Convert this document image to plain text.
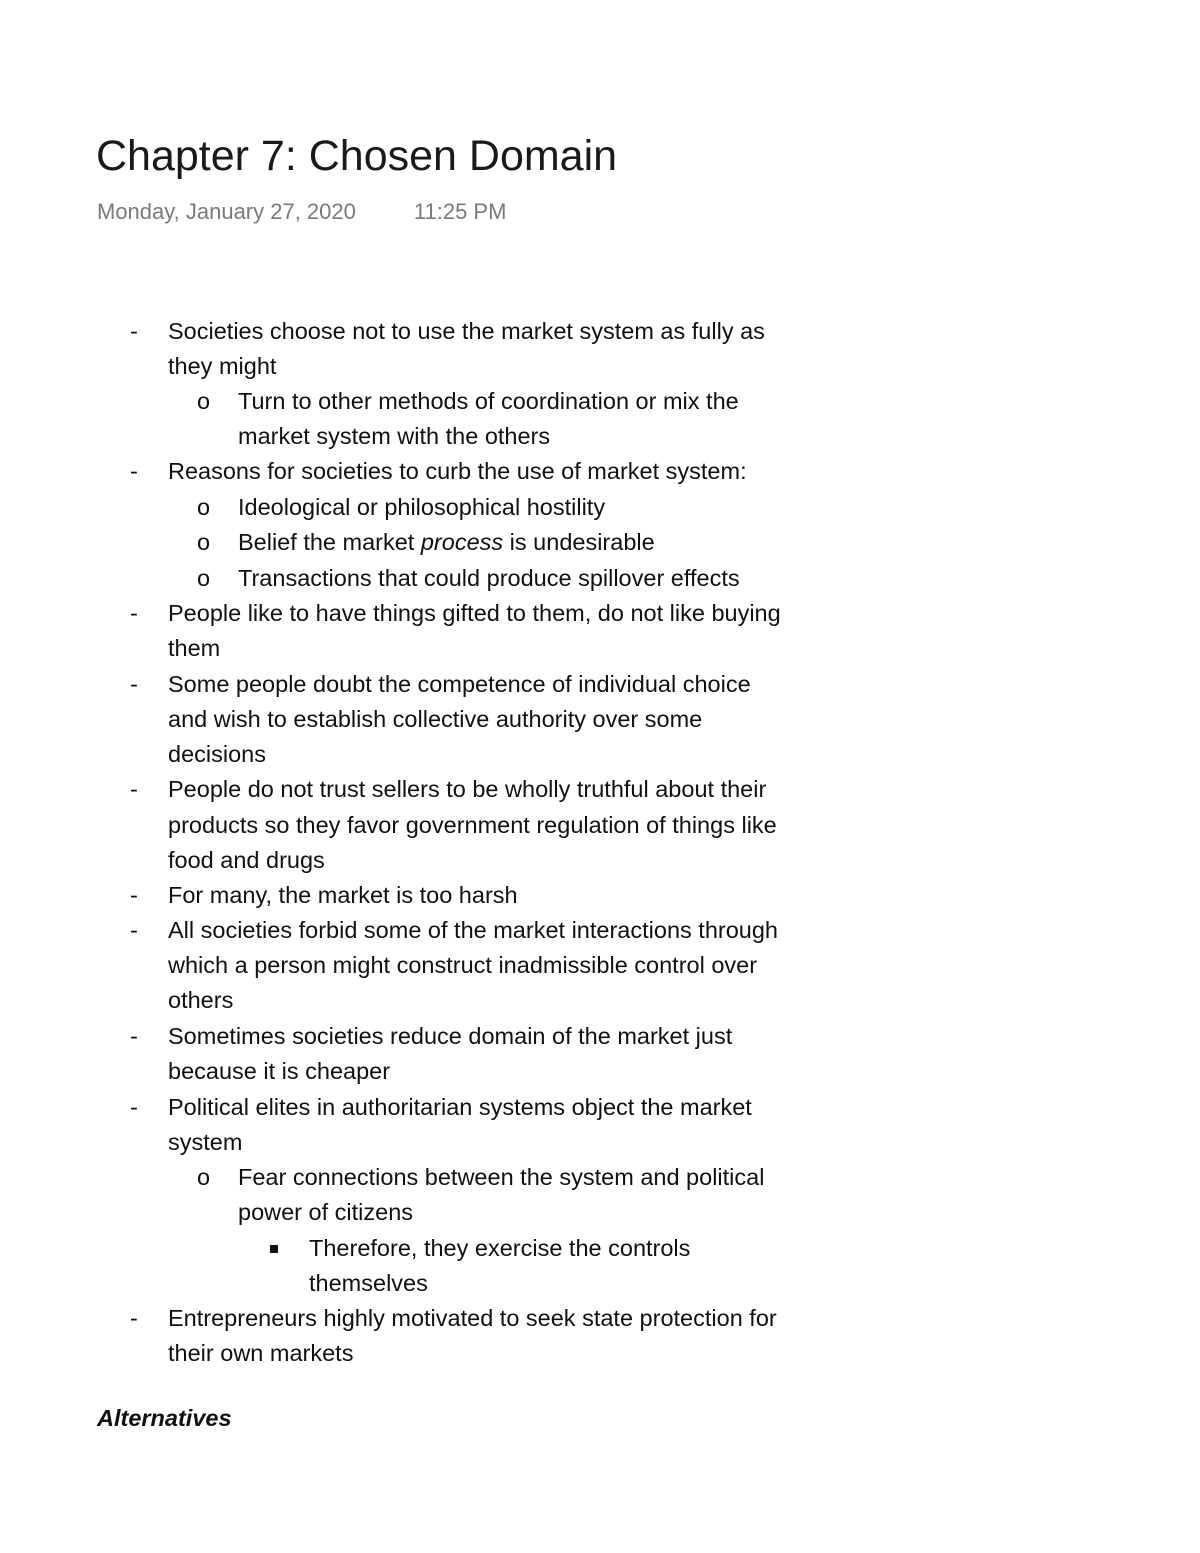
Chapter 7: Chosen Domain
Monday, January 27, 2020	11:25 PM
- Societies choose not to use the market system as fully as
they might
o Turn to other methods of coordination or mix the
market system with the others
- Reasons for societies to curb the use of market system:
o Ideological or philosophical hostility
o Belief the market process is undesirable
o Transactions that could produce spillover effects
- People like to have things gifted to them, do not like buying
them
- Some people doubt the competence of individual choice
and wish to establish collective authority over some
decisions
- People do not trust sellers to be wholly truthful about their
products so they favor government regulation of things like
food and drugs
- For many, the market is too harsh
- All societies forbid some of the market interactions through
which a person might construct inadmissible control over
others
- Sometimes societies reduce domain of the market just
because it is cheaper
- Political elites in authoritarian systems object the market
system
o Fear connections between the system and political
power of citizens
Therefore, they exercise the controls
themselves
- Entrepreneurs highly motivated to seek state protection for
their own markets
Alternatives
